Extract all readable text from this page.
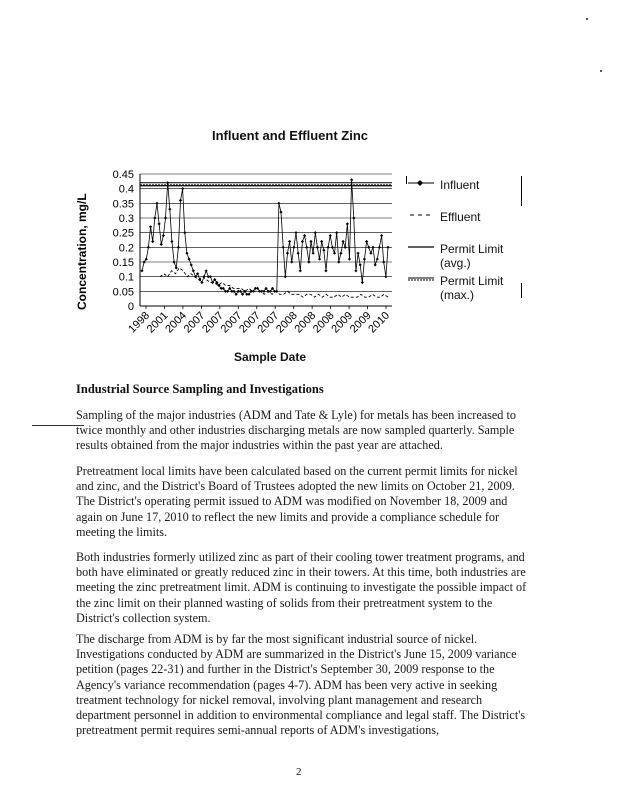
Influent and Effluent Zinc
Concentration, mg/L
0.45
0.4
0.35
0.3
0.25
0.2
0.15
0.1
0.05
0
1998
2001
2004
2007
2007
2007
2007
2007
2008
2008
2008
2009
2009
2010
Influent
Effluent
Permit Limit
(avg.)
Permit Limit
(max.)
Sample Date
Industrial Source Sampling and Investigations
Sampling of the major industries (ADM and Tate & Lyle) for metals has been increased to twice monthly and other industries discharging metals are now sampled quarterly. Sample results obtained from the major industries within the past year are attached.
Pretreatment local limits have been calculated based on the current permit limits for nickel and zinc, and the District's Board of Trustees adopted the new limits on October 21, 2009. The District's operating permit issued to ADM was modified on November 18, 2009 and again on June 17, 2010 to reflect the new limits and provide a compliance schedule for meeting the limits.
Both industries formerly utilized zinc as part of their cooling tower treatment programs, and both have eliminated or greatly reduced zinc in their towers. At this time, both industries are meeting the zinc pretreatment limit. ADM is continuing to investigate the possible impact of the zinc limit on their planned wasting of solids from their pretreatment system to the District's collection system.
The discharge from ADM is by far the most significant industrial source of nickel. Investigations conducted by ADM are summarized in the District's June 15, 2009 variance petition (pages 22-31) and further in the District's September 30, 2009 response to the Agency's variance recommendation (pages 4-7). ADM has been very active in seeking treatment technology for nickel removal, involving plant management and research department personnel in addition to environmental compliance and legal staff. The District's pretreatment permit requires semi-annual reports of ADM's investigations,
2
